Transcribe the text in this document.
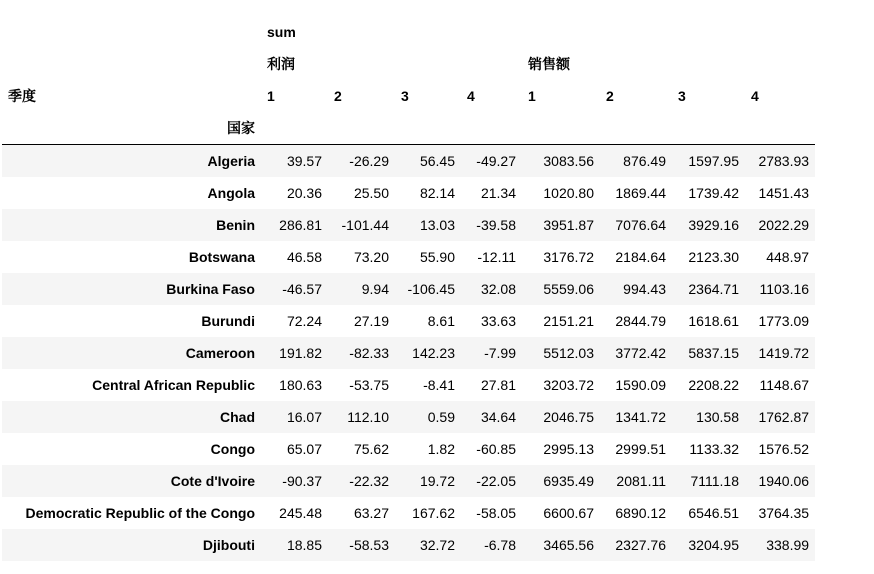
	sum							
	利润				销售额			
季度	1	2	3	4	1	2	3	4
国家								
Algeria	39.57	-26.29	56.45	-49.27	3083.56	876.49	1597.95	2783.93
Angola	20.36	25.50	82.14	21.34	1020.80	1869.44	1739.42	1451.43
Benin	286.81	-101.44	13.03	-39.58	3951.87	7076.64	3929.16	2022.29
Botswana	46.58	73.20	55.90	-12.11	3176.72	2184.64	2123.30	448.97
Burkina Faso	-46.57	9.94	-106.45	32.08	5559.06	994.43	2364.71	1103.16
Burundi	72.24	27.19	8.61	33.63	2151.21	2844.79	1618.61	1773.09
Cameroon	191.82	-82.33	142.23	-7.99	5512.03	3772.42	5837.15	1419.72
Central African Republic	180.63	-53.75	-8.41	27.81	3203.72	1590.09	2208.22	1148.67
Chad	16.07	112.10	0.59	34.64	2046.75	1341.72	130.58	1762.87
Congo	65.07	75.62	1.82	-60.85	2995.13	2999.51	1133.32	1576.52
Cote d'Ivoire	-90.37	-22.32	19.72	-22.05	6935.49	2081.11	7111.18	1940.06
Democratic Republic of the Congo	245.48	63.27	167.62	-58.05	6600.67	6890.12	6546.51	3764.35
Djibouti	18.85	-58.53	32.72	-6.78	3465.56	2327.76	3204.95	338.99
